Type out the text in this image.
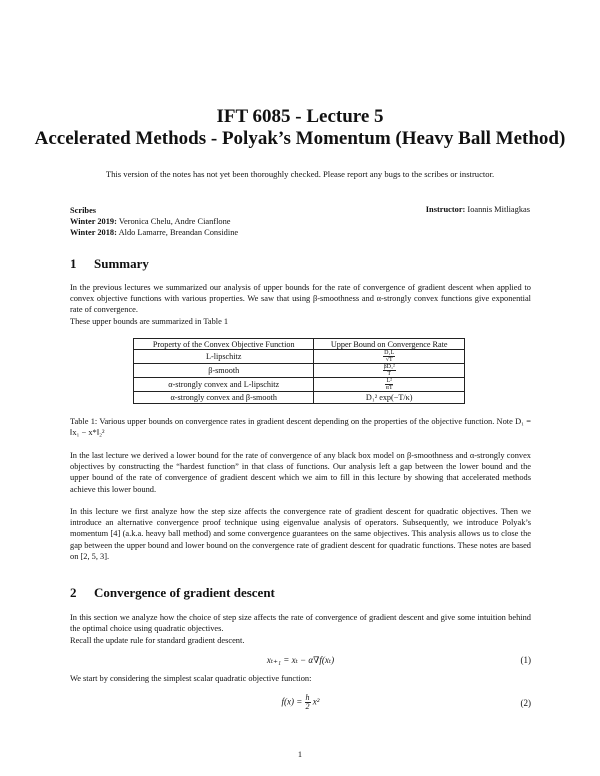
IFT 6085 - Lecture 5
Accelerated Methods - Polyak’s Momentum (Heavy Ball Method)
This version of the notes has not yet been thoroughly checked. Please report any bugs to the scribes or instructor.
Scribes
Winter 2019: Veronica Chelu, Andre Cianflone
Winter 2018: Aldo Lamarre, Breandan Considine
Instructor: Ioannis Mitliagkas
1 Summary

In the previous lectures we summarized our analysis of upper bounds for the rate of convergence of gradient descent when applied to convex objective functions with various properties. We saw that using β-smoothness and α-strongly convex functions give exponential rate of convergence.

These upper bounds are summarized in Table 1

Property of the Convex Objective Function	Upper Bound on Convergence Rate
L-lipschitz	$\frac{\text{D₁L}}{√T}$

β-smooth	$\frac{\text{βD₁²}}{T}$

α-strongly convex and L-lipschitz	$\frac{\text{L²}}{\alpha T}$

α-strongly convex and β-smooth	D₁² exp(−T/κ)

Table 1: Various upper bounds on convergence rates in gradient descent depending on the properties of the objective function. Note D₁ = ‖x₁ − x*‖₂²

In the last lecture we derived a lower bound for the rate of convergence of any black box model on β-smoothness and α-strongly convex objectives by constructing the “hardest function” in that class of functions. Our analysis left a gap between the lower bound and the upper bound of the rate of convergence of gradient descent which we aim to fill in this lecture by showing that accelerated methods achieve this lower bound.

In this lecture we first analyze how the step size affects the convergence rate of gradient descent for quadratic objectives. Then we introduce an alternative convergence proof technique using eigenvalue analysis of operators. Subsequently, we introduce Polyak’s momentum [4] (a.k.a. heavy ball method) and some convergence guarantees on the same objectives. This analysis allows us to close the gap between the upper bound and lower bound on the convergence rate of gradient descent for quadratic functions. These notes are based on [2, 5, 3].

2 Convergence of gradient descent

In this section we analyze how the choice of step size affects the rate of convergence of gradient descent and give some intuition behind the optimal choice using quadratic objectives.

Recall the update rule for standard gradient descent.

xₜ₊₁ = xₜ − α∇f(xₜ)	(1)

We start by considering the simplest scalar quadratic objective function:

$f(x) = \frac{h}{2} x^2$	(2)
1
